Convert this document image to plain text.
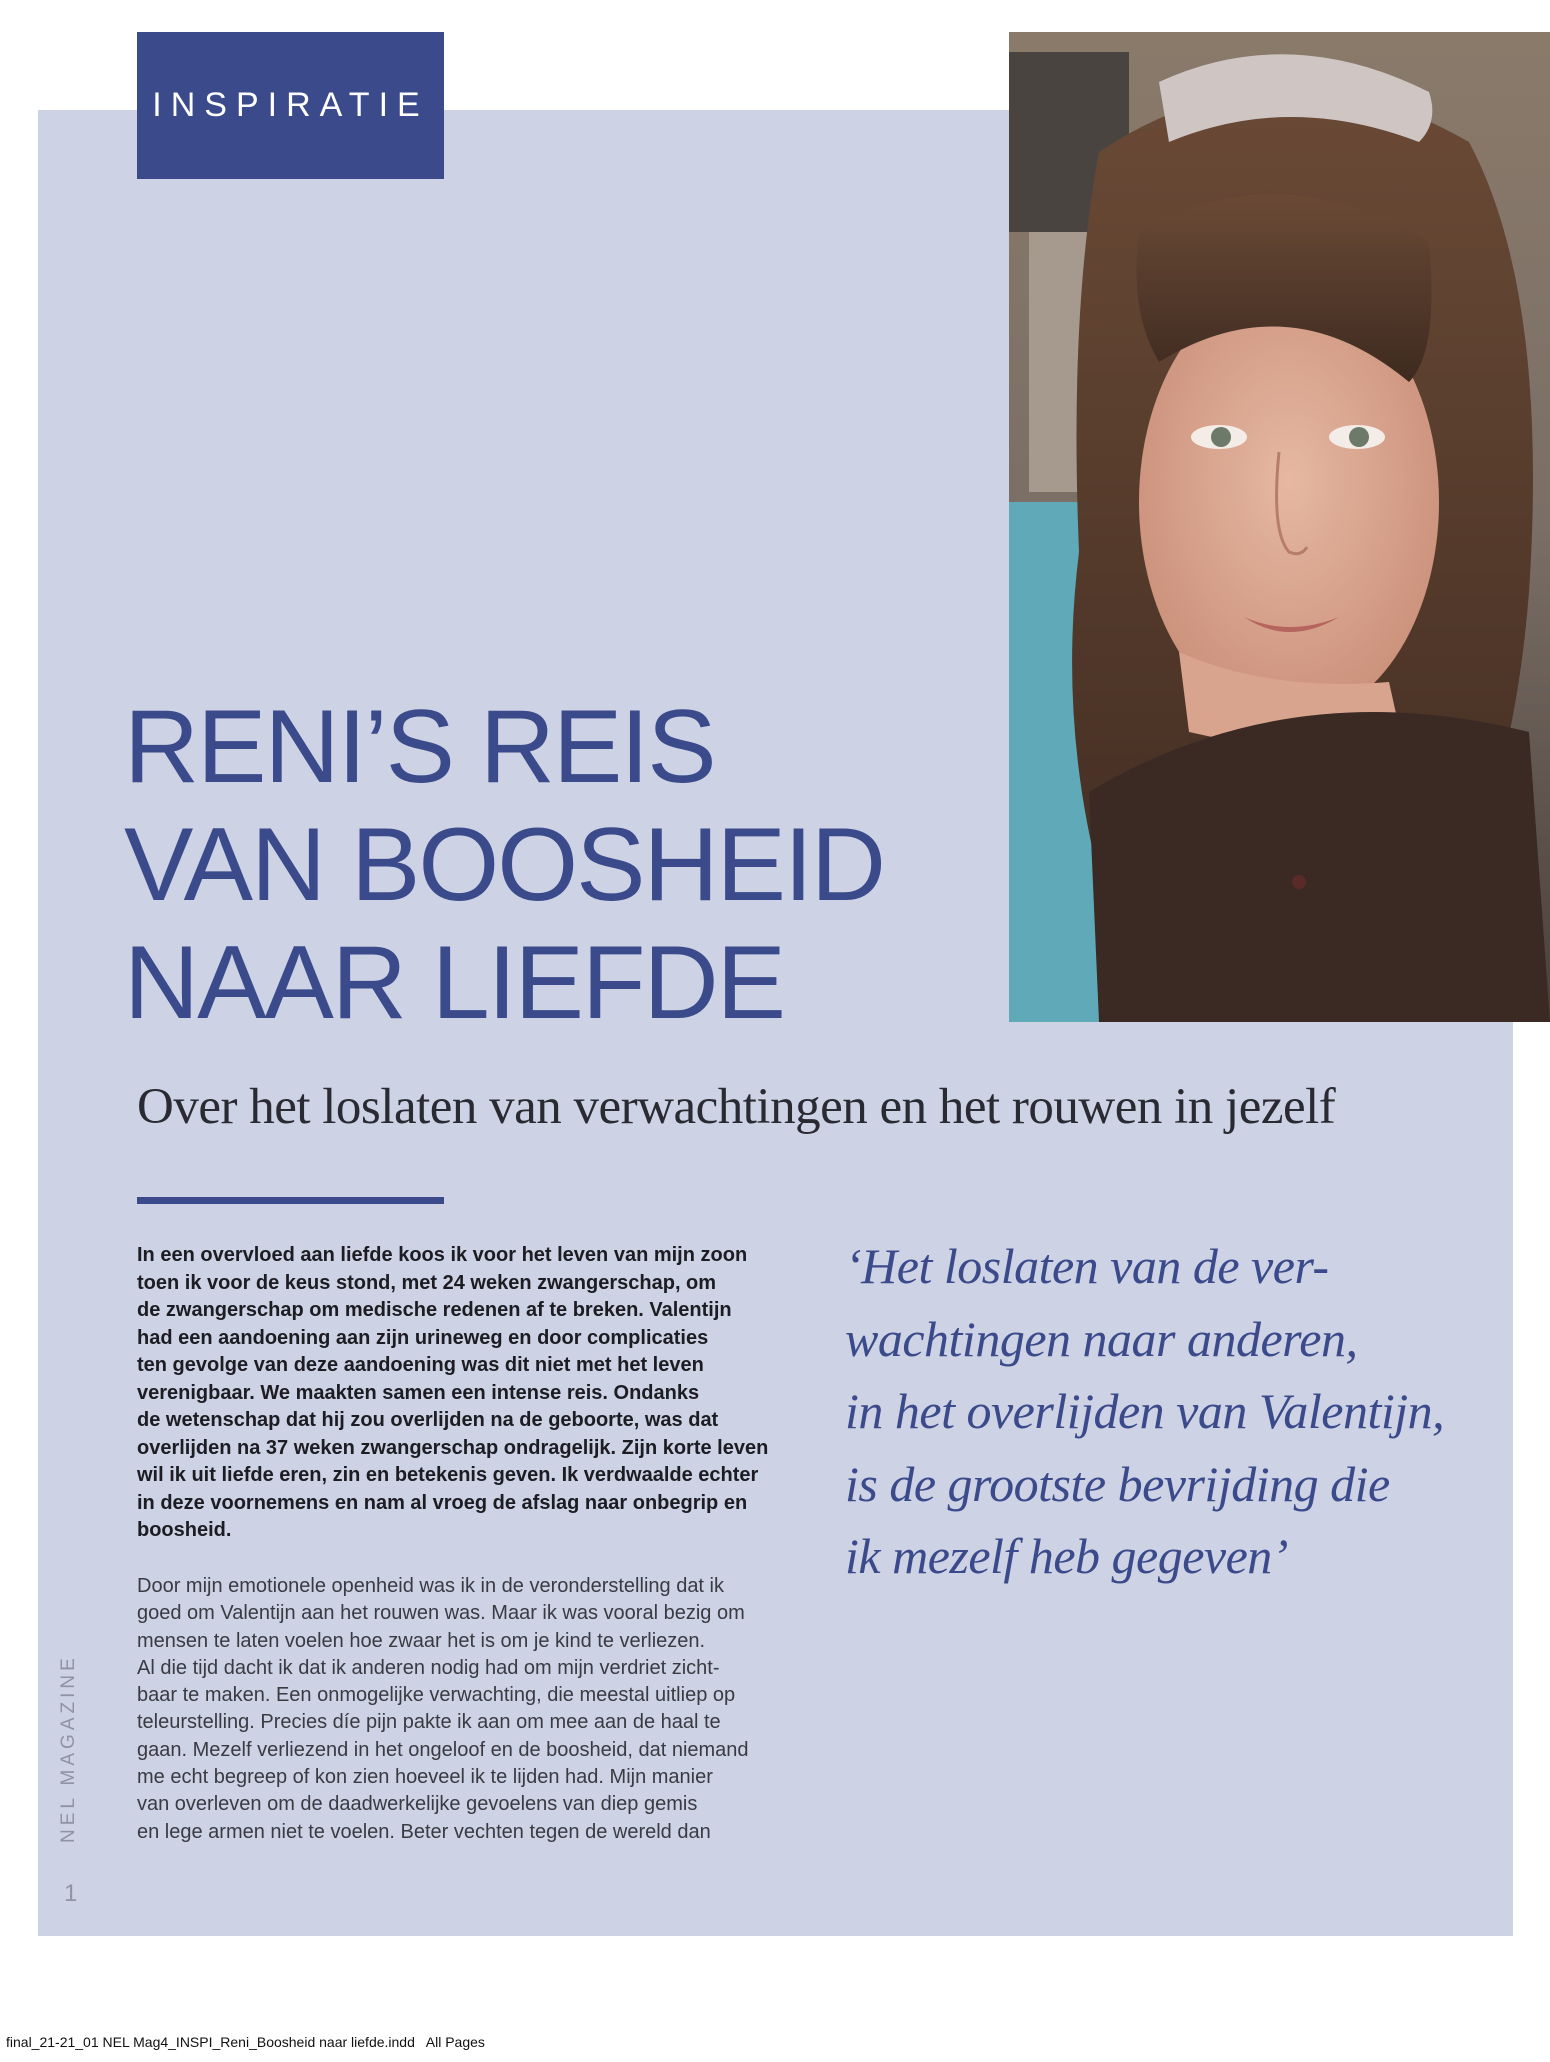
INSPIRATIE
RENI’S REIS
VAN BOOSHEID
NAAR LIEFDE
Over het loslaten van verwachtingen en het rouwen in jezelf

In een overvloed aan liefde koos ik voor het leven van mijn zoon
toen ik voor de keus stond, met 24 weken zwangerschap, om
de zwangerschap om medische redenen af te breken. Valentijn
had een aandoening aan zijn urineweg en door complicaties
ten gevolge van deze aandoening was dit niet met het leven
verenigbaar. We maakten samen een intense reis. Ondanks
de wetenschap dat hij zou overlijden na de geboorte, was dat
overlijden na 37 weken zwangerschap ondragelijk. Zijn korte leven
wil ik uit liefde eren, zin en betekenis geven. Ik verdwaalde echter
in deze voornemens en nam al vroeg de afslag naar onbegrip en
boosheid.

Door mijn emotionele openheid was ik in de veronderstelling dat ik
goed om Valentijn aan het rouwen was. Maar ik was vooral bezig om
mensen te laten voelen hoe zwaar het is om je kind te verliezen.
Al die tijd dacht ik dat ik anderen nodig had om mijn verdriet zicht-
baar te maken. Een onmogelijke verwachting, die meestal uitliep op
teleurstelling. Precies díe pijn pakte ik aan om mee aan de haal te
gaan. Mezelf verliezend in het ongeloof en de boosheid, dat niemand
me echt begreep of kon zien hoeveel ik te lijden had. Mijn manier
van overleven om de daadwerkelijke gevoelens van diep gemis
en lege armen niet te voelen. Beter vechten tegen de wereld dan

‘Het loslaten van de ver-
wachtingen naar anderen,
in het overlijden van Valentijn,
is de grootste bevrijding die
ik mezelf heb gegeven’
NEL MAGAZINE
1
final_21-21_01 NEL Mag4_INSPI_Reni_Boosheid naar liefde.indd   All Pages
